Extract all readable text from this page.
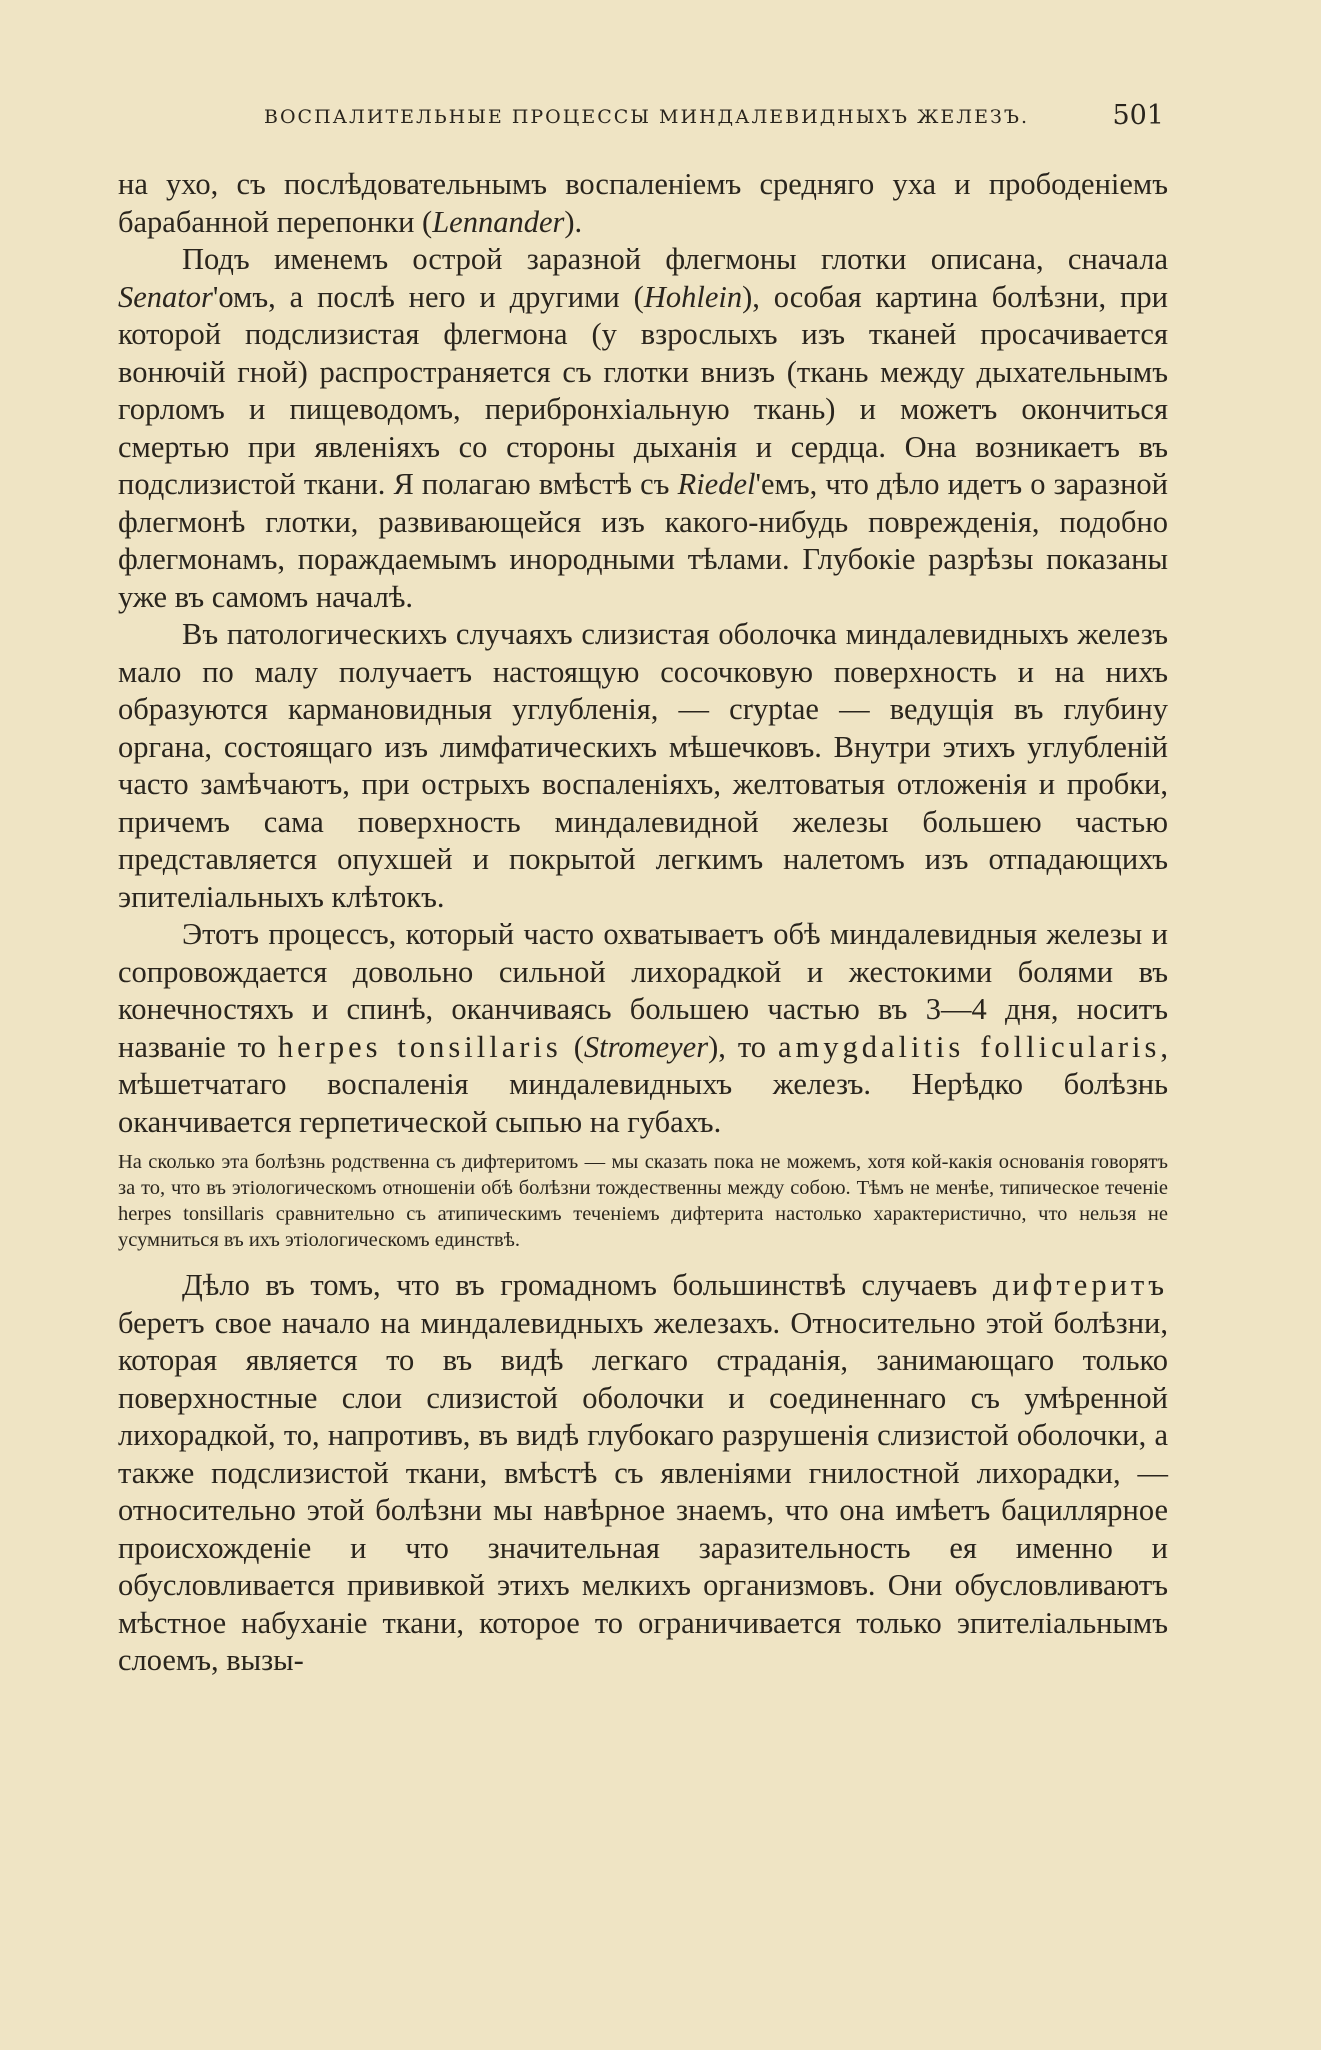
ВОСПАЛИТЕЛЬНЫЕ ПРОЦЕССЫ МИНДАЛЕВИДНЫХЪ ЖЕЛЕЗЪ.	501

на ухо, съ послѣдовательнымъ воспаленіемъ средняго уха и прободеніемъ барабанной перепонки (Lennander).

Подъ именемъ острой заразной флегмоны глотки описана, сначала Senator'омъ, а послѣ него и другими (Hohlein), особая картина болѣзни, при которой подслизистая флегмона (у взрослыхъ изъ тканей просачивается вонючій гной) распространяется съ глотки внизъ (ткань между дыхательнымъ горломъ и пищеводомъ, перибронхіальную ткань) и можетъ окончиться смертью при явленіяхъ со стороны дыханія и сердца. Она возникаетъ въ подслизистой ткани. Я полагаю вмѣстѣ съ Riedel'емъ, что дѣло идетъ о заразной флегмонѣ глотки, развивающейся изъ какого-нибудь поврежденія, подобно флегмонамъ, пораждаемымъ инородными тѣлами. Глубокіе разрѣзы показаны уже въ самомъ началѣ.

Въ патологическихъ случаяхъ слизистая оболочка миндалевидныхъ железъ мало по малу получаетъ настоящую сосочковую поверхность и на нихъ образуются кармановидныя углубленія, — cryptae — ведущія въ глубину органа, состоящаго изъ лимфатическихъ мѣшечковъ. Внутри этихъ углубленій часто замѣчаютъ, при острыхъ воспаленіяхъ, желтоватыя отложенія и пробки, причемъ сама поверхность миндалевидной железы большею частью представляется опухшей и покрытой легкимъ налетомъ изъ отпадающихъ эпителіальныхъ клѣтокъ.

Этотъ процессъ, который часто охватываетъ обѣ миндалевидныя железы и сопровождается довольно сильной лихорадкой и жестокими болями въ конечностяхъ и спинѣ, оканчиваясь большею частью въ 3—4 дня, носитъ названіе то herpes tonsillaris (Stromeyer), то amygdalitis follicularis, мѣшетчатаго воспаленія миндалевидныхъ железъ. Нерѣдко болѣзнь оканчивается герпетической сыпью на губахъ.

На сколько эта болѣзнь родственна съ дифтеритомъ — мы сказать пока не можемъ, хотя кой-какія основанія говорятъ за то, что въ этіологическомъ отношеніи обѣ болѣзни тождественны между собою. Тѣмъ не менѣе, типическое теченіе herpes tonsillaris сравнительно съ атипическимъ теченіемъ дифтерита настолько характеристично, что нельзя не усумниться въ ихъ этіологическомъ единствѣ.

Дѣло въ томъ, что въ громадномъ большинствѣ случаевъ дифтеритъ беретъ свое начало на миндалевидныхъ железахъ. Относительно этой болѣзни, которая является то въ видѣ легкаго страданія, занимающаго только поверхностные слои слизистой оболочки и соединеннаго съ умѣренной лихорадкой, то, напротивъ, въ видѣ глубокаго разрушенія слизистой оболочки, а также подслизистой ткани, вмѣстѣ съ явленіями гнилостной лихорадки, — относительно этой болѣзни мы навѣрное знаемъ, что она имѣетъ бациллярное происхожденіе и что значительная заразительность ея именно и обусловливается прививкой этихъ мелкихъ организмовъ. Они обусловливаютъ мѣстное набуханіе ткани, которое то ограничивается только эпителіальнымъ слоемъ, вызы-
